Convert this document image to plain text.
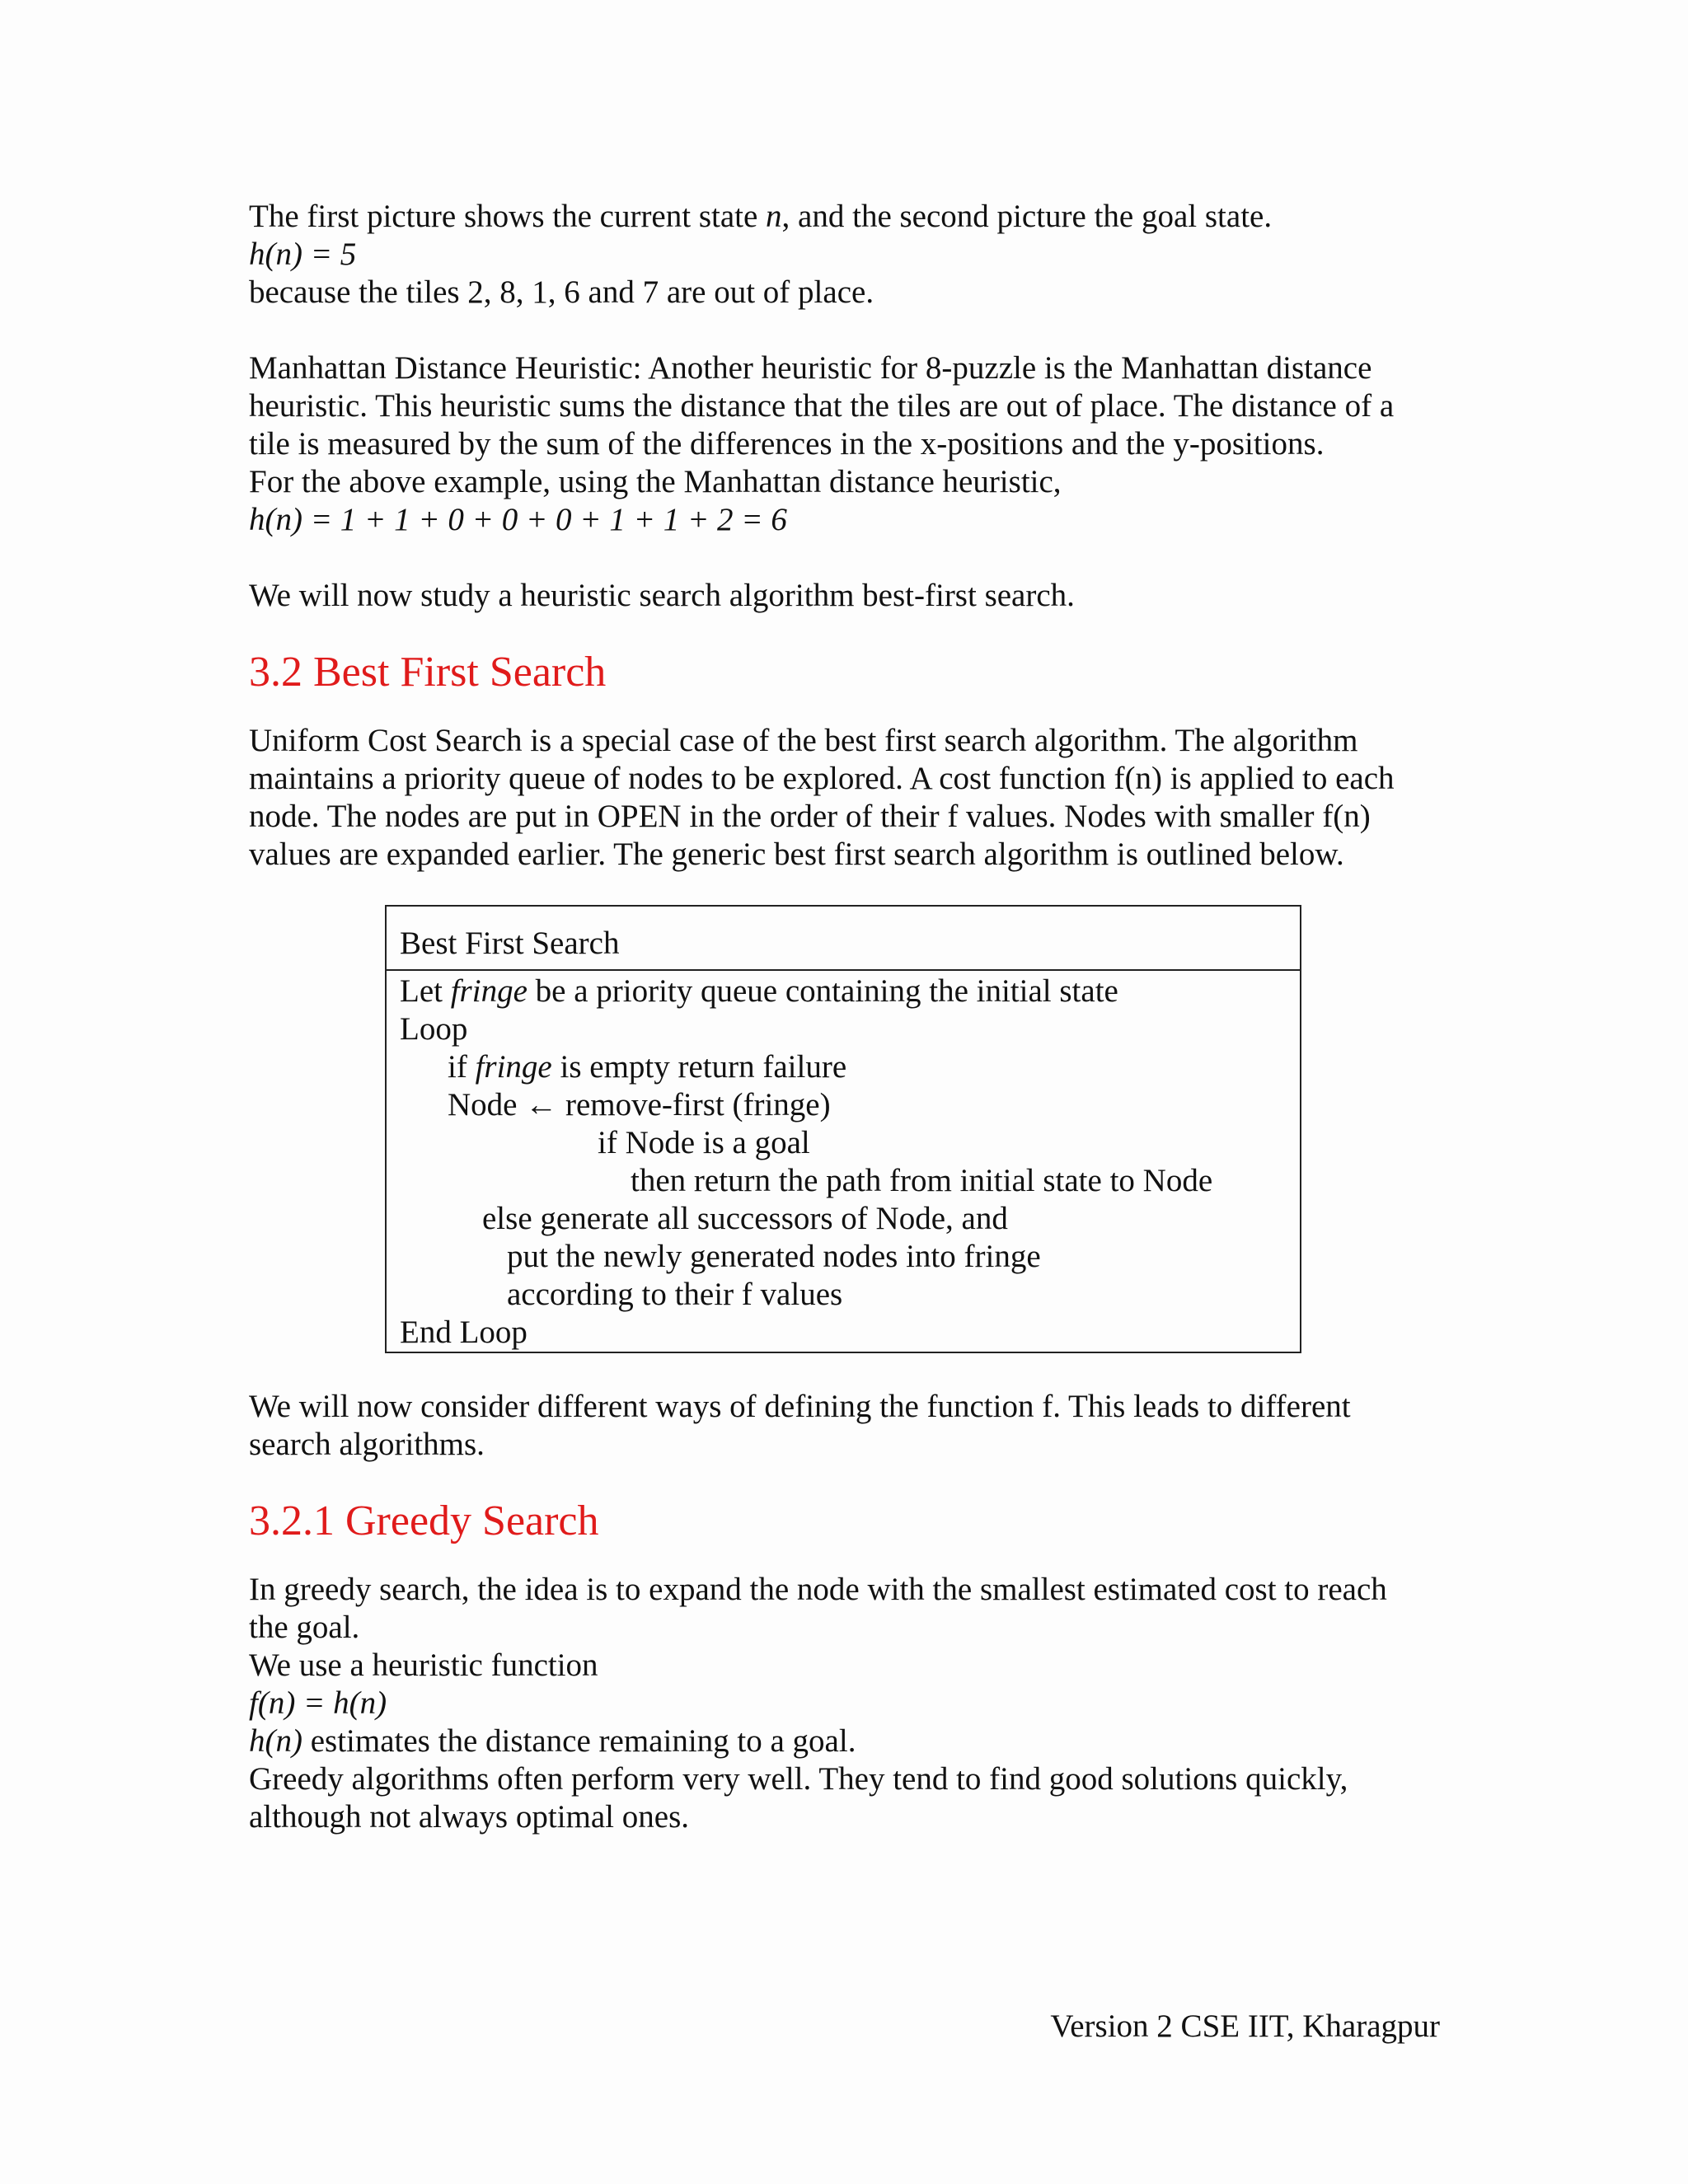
The first picture shows the current state n, and the second picture the goal state.
h(n) = 5
because the tiles 2, 8, 1, 6 and 7 are out of place.
Manhattan Distance Heuristic: Another heuristic for 8-puzzle is the Manhattan distance
heuristic. This heuristic sums the distance that the tiles are out of place. The distance of a
tile is measured by the sum of the differences in the x-positions and the y-positions.
For the above example, using the Manhattan distance heuristic,
h(n) = 1 + 1 + 0 + 0 + 0 + 1 + 1 + 2 = 6
We will now study a heuristic search algorithm best-first search.
3.2 Best First Search
Uniform Cost Search is a special case of the best first search algorithm. The algorithm
maintains a priority queue of nodes to be explored. A cost function f(n) is applied to each
node. The nodes are put in OPEN in the order of their f values. Nodes with smaller f(n)
values are expanded earlier. The generic best first search algorithm is outlined below.
Best First Search
Let fringe be a priority queue containing the initial state
Loop
if fringe is empty return failure
Node ← remove-first (fringe)
if Node is a goal
then return the path from initial state to Node
else generate all successors of Node, and
put the newly generated nodes into fringe
according to their f values
End Loop
We will now consider different ways of defining the function f. This leads to different
search algorithms.
3.2.1 Greedy Search
In greedy search, the idea is to expand the node with the smallest estimated cost to reach
the goal.
We use a heuristic function
f(n) = h(n)
h(n) estimates the distance remaining to a goal.
Greedy algorithms often perform very well. They tend to find good solutions quickly,
although not always optimal ones.
Version 2 CSE IIT, Kharagpur
